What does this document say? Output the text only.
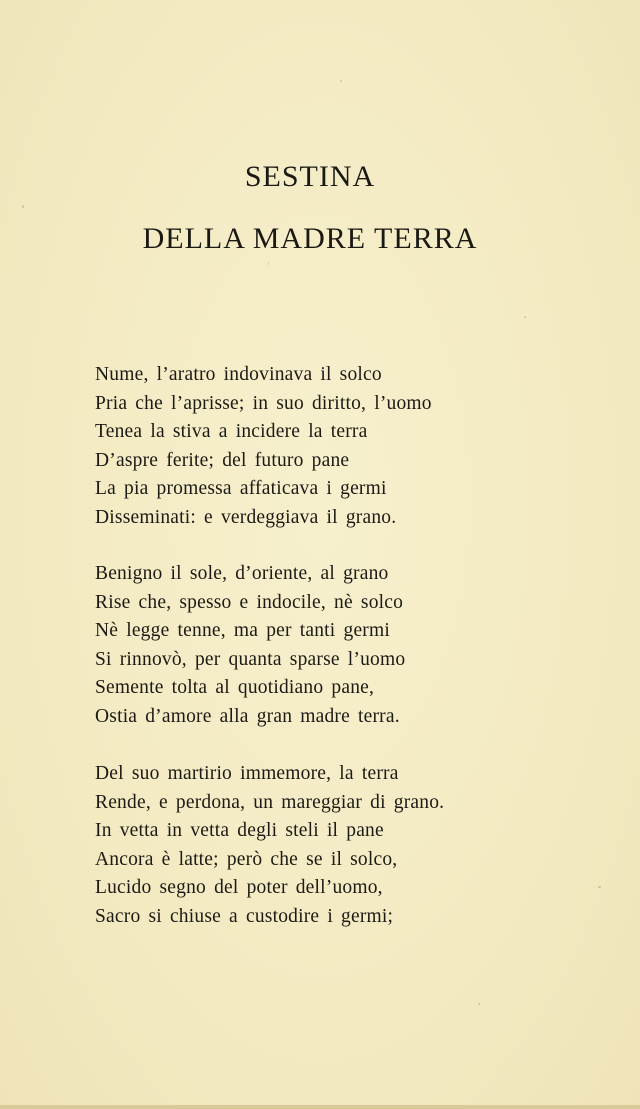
SESTINA
DELLA MADRE TERRA
Nume, l’aratro indovinava il solco
Pria che l’aprisse; in suo diritto, l’uomo
Tenea la stiva a incidere la terra
D’aspre ferite; del futuro pane
La pia promessa affaticava i germi
Disseminati: e verdeggiava il grano.
Benigno il sole, d’oriente, al grano
Rise che, spesso e indocile, nè solco
Nè legge tenne, ma per tanti germi
Si rinnovò, per quanta sparse l’uomo
Semente tolta al quotidiano pane,
Ostia d’amore alla gran madre terra.
Del suo martirio immemore, la terra
Rende, e perdona, un mareggiar di grano.
In vetta in vetta degli steli il pane
Ancora è latte; però che se il solco,
Lucido segno del poter dell’uomo,
Sacro si chiuse a custodire i germi;
